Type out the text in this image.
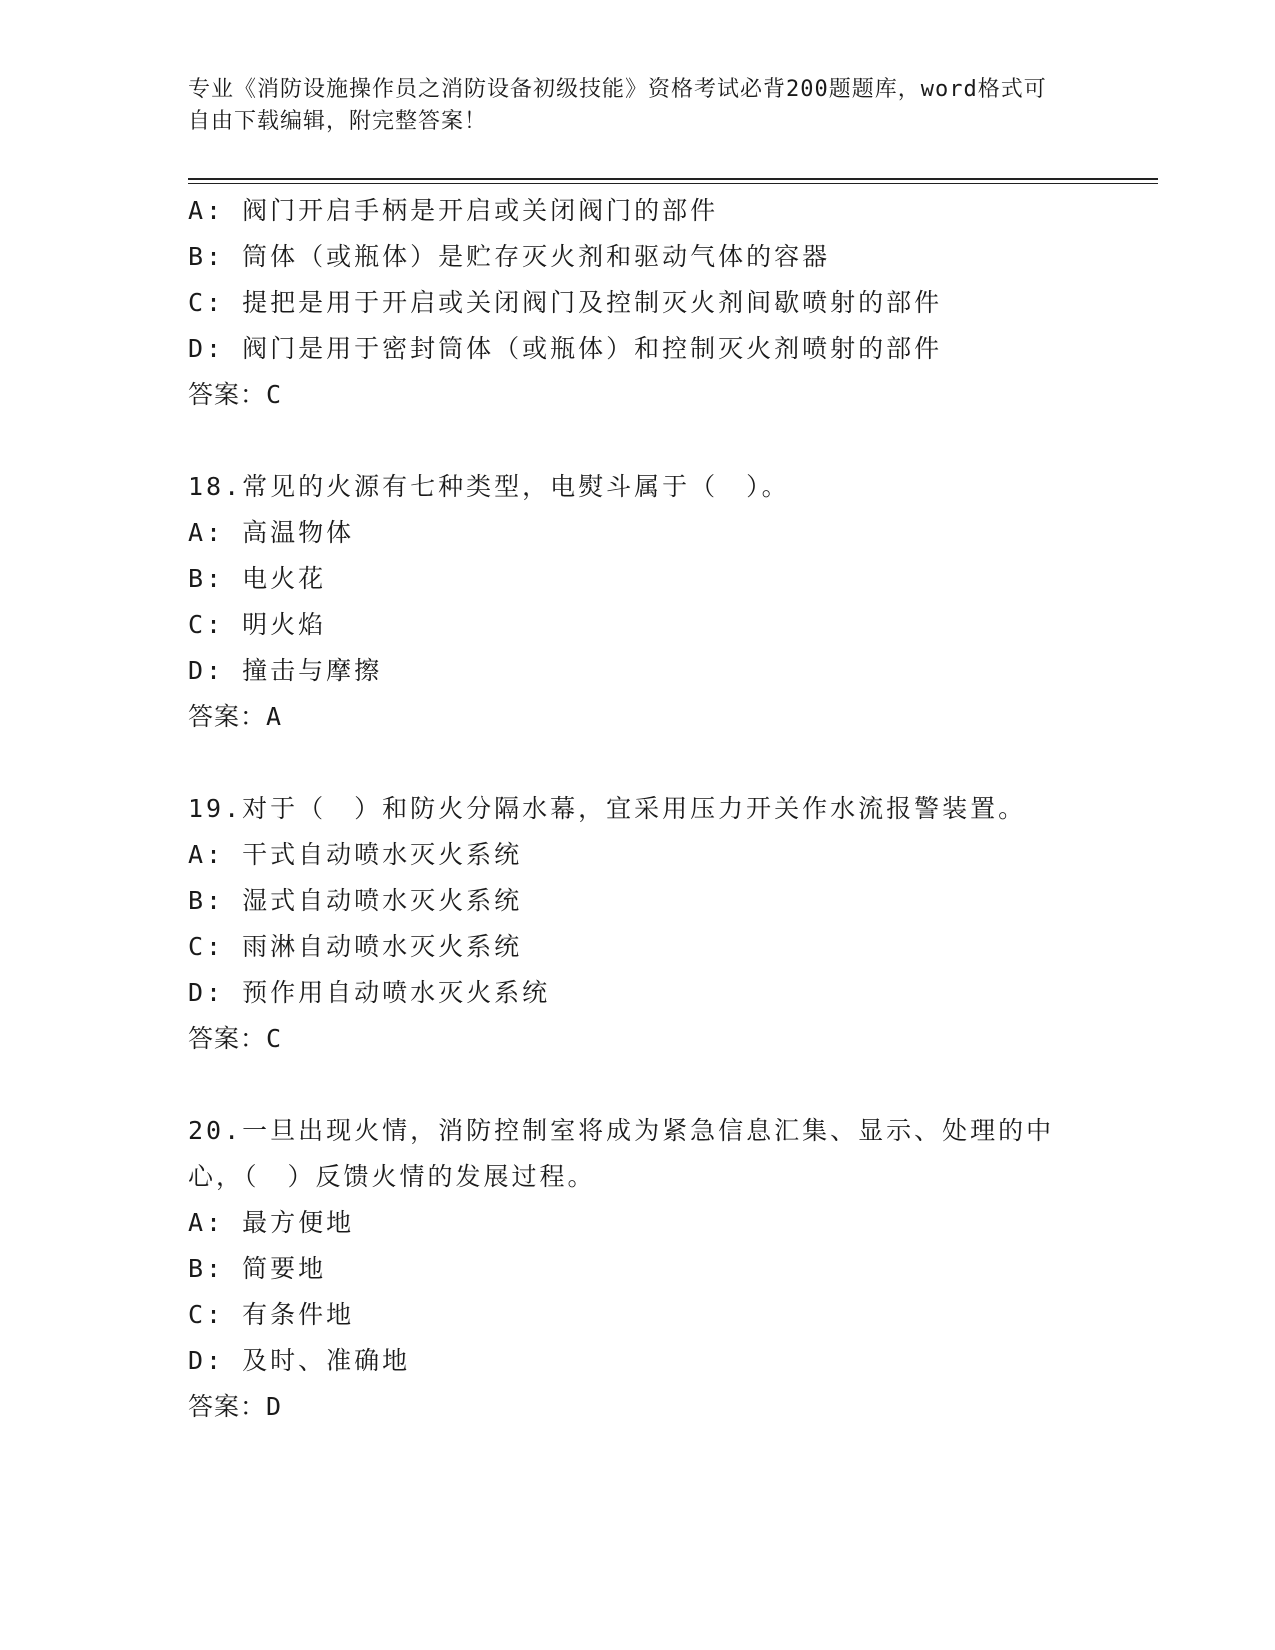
专业《消防设施操作员之消防设备初级技能》资格考试必背200题题库，word格式可自由下载编辑，附完整答案！
A: 阀门开启手柄是开启或关闭阀门的部件
B: 筒体（或瓶体）是贮存灭火剂和驱动气体的容器
C: 提把是用于开启或关闭阀门及控制灭火剂间歇喷射的部件
D: 阀门是用于密封筒体（或瓶体）和控制灭火剂喷射的部件
答案：C
18.常见的火源有七种类型，电熨斗属于（　）。
A: 高温物体
B: 电火花
C: 明火焰
D: 撞击与摩擦
答案：A
19.对于（　）和防火分隔水幕，宜采用压力开关作水流报警装置。
A: 干式自动喷水灭火系统
B: 湿式自动喷水灭火系统
C: 雨淋自动喷水灭火系统
D: 预作用自动喷水灭火系统
答案：C
20.一旦出现火情，消防控制室将成为紧急信息汇集、显示、处理的中
心，（　）反馈火情的发展过程。
A: 最方便地
B: 简要地
C: 有条件地
D: 及时、准确地
答案：D
